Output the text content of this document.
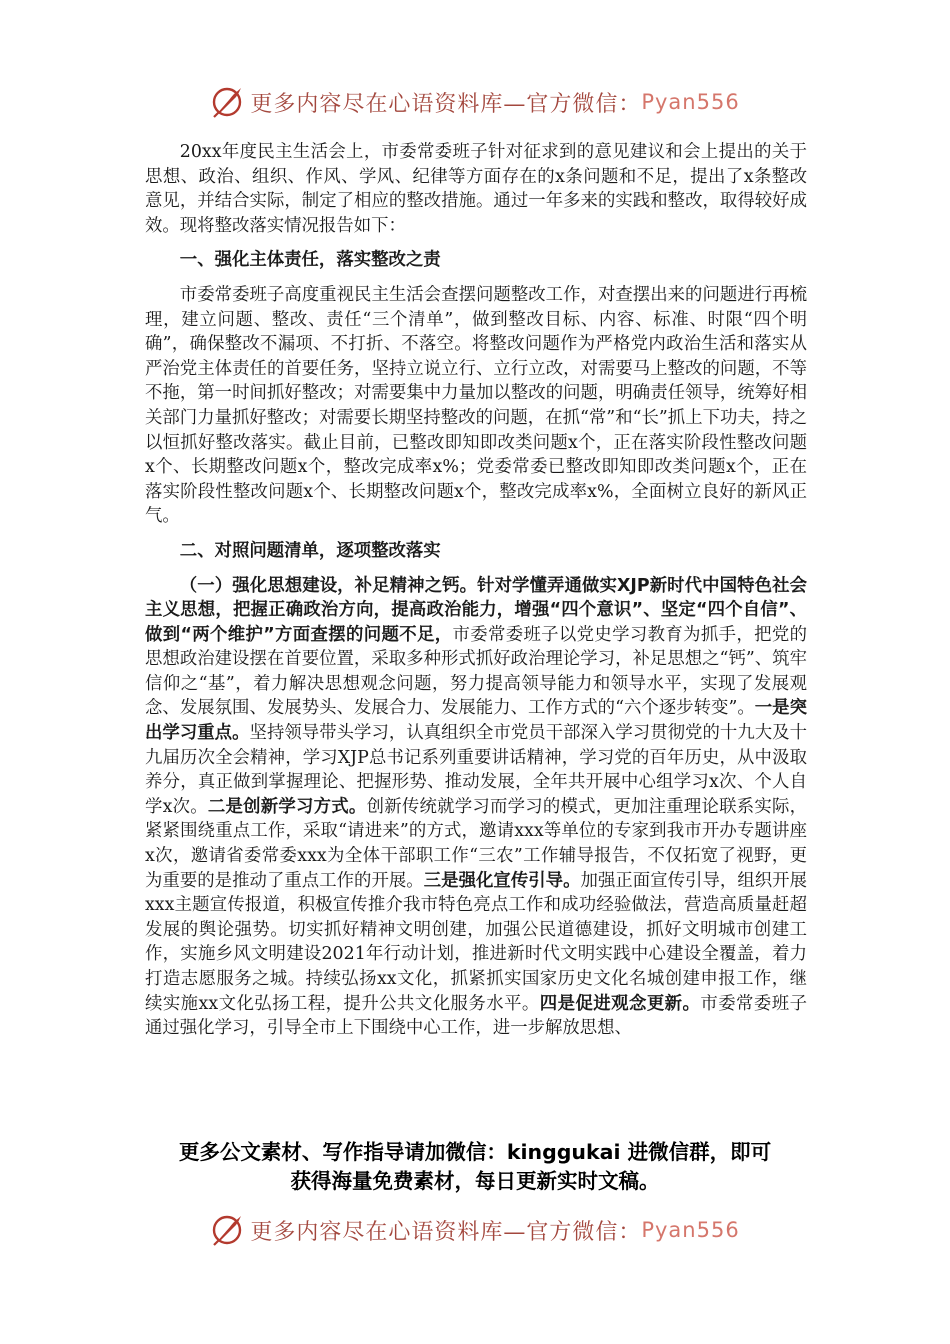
更多内容尽在心语资料库—官方微信： Pyan556

20xx年度民主生活会上，市委常委班子针对征求到的意见建议和会上提出的关于思想、政治、组织、作风、学风、纪律等方面存在的x条问题和不足，提出了x条整改意见，并结合实际，制定了相应的整改措施。通过一年多来的实践和整改，取得较好成效。现将整改落实情况报告如下：

一、强化主体责任，落实整改之责

市委常委班子高度重视民主生活会查摆问题整改工作，对查摆出来的问题进行再梳理，建立问题、整改、责任“三个清单”，做到整改目标、内容、标准、时限“四个明确”，确保整改不漏项、不打折、不落空。将整改问题作为严格党内政治生活和落实从严治党主体责任的首要任务，坚持立说立行、立行立改，对需要马上整改的问题，不等不拖，第一时间抓好整改；对需要集中力量加以整改的问题，明确责任领导，统筹好相关部门力量抓好整改；对需要长期坚持整改的问题，在抓“常”和“长”抓上下功夫，持之以恒抓好整改落实。截止目前，已整改即知即改类问题x个，正在落实阶段性整改问题x个、长期整改问题x个，整改完成率x%；党委常委已整改即知即改类问题x个，正在落实阶段性整改问题x个、长期整改问题x个，整改完成率x%，全面树立良好的新风正气。

二、对照问题清单，逐项整改落实

（一）强化思想建设，补足精神之钙。针对学懂弄通做实XJP新时代中国特色社会主义思想，把握正确政治方向，提高政治能力，增强“四个意识”、坚定“四个自信”、做到“两个维护”方面查摆的问题不足，市委常委班子以党史学习教育为抓手，把党的思想政治建设摆在首要位置，采取多种形式抓好政治理论学习，补足思想之“钙”、筑牢信仰之“基”，着力解决思想观念问题，努力提高领导能力和领导水平，实现了发展观念、发展氛围、发展势头、发展合力、发展能力、工作方式的“六个逐步转变”。一是突出学习重点。坚持领导带头学习，认真组织全市党员干部深入学习贯彻党的十九大及十九届历次全会精神，学习XJP总书记系列重要讲话精神，学习党的百年历史，从中汲取养分，真正做到掌握理论、把握形势、推动发展，全年共开展中心组学习x次、个人自学x次。二是创新学习方式。创新传统就学习而学习的模式，更加注重理论联系实际，紧紧围绕重点工作，采取“请进来”的方式，邀请xxx等单位的专家到我市开办专题讲座x次，邀请省委常委xxx为全体干部职工作“三农”工作辅导报告，不仅拓宽了视野，更为重要的是推动了重点工作的开展。三是强化宣传引导。加强正面宣传引导，组织开展xxx主题宣传报道，积极宣传推介我市特色亮点工作和成功经验做法，营造高质量赶超发展的舆论强势。切实抓好精神文明创建，加强公民道德建设，抓好文明城市创建工作，实施乡风文明建设2021年行动计划，推进新时代文明实践中心建设全覆盖，着力打造志愿服务之城。持续弘扬xx文化，抓紧抓实国家历史文化名城创建申报工作，继续实施xx文化弘扬工程，提升公共文化服务水平。四是促进观念更新。市委常委班子通过强化学习，引导全市上下围绕中心工作，进一步解放思想、

更多公文素材、写作指导请加微信：kinggukai 进微信群，即可
获得海量免费素材，每日更新实时文稿。
更多内容尽在心语资料库—官方微信： Pyan556
